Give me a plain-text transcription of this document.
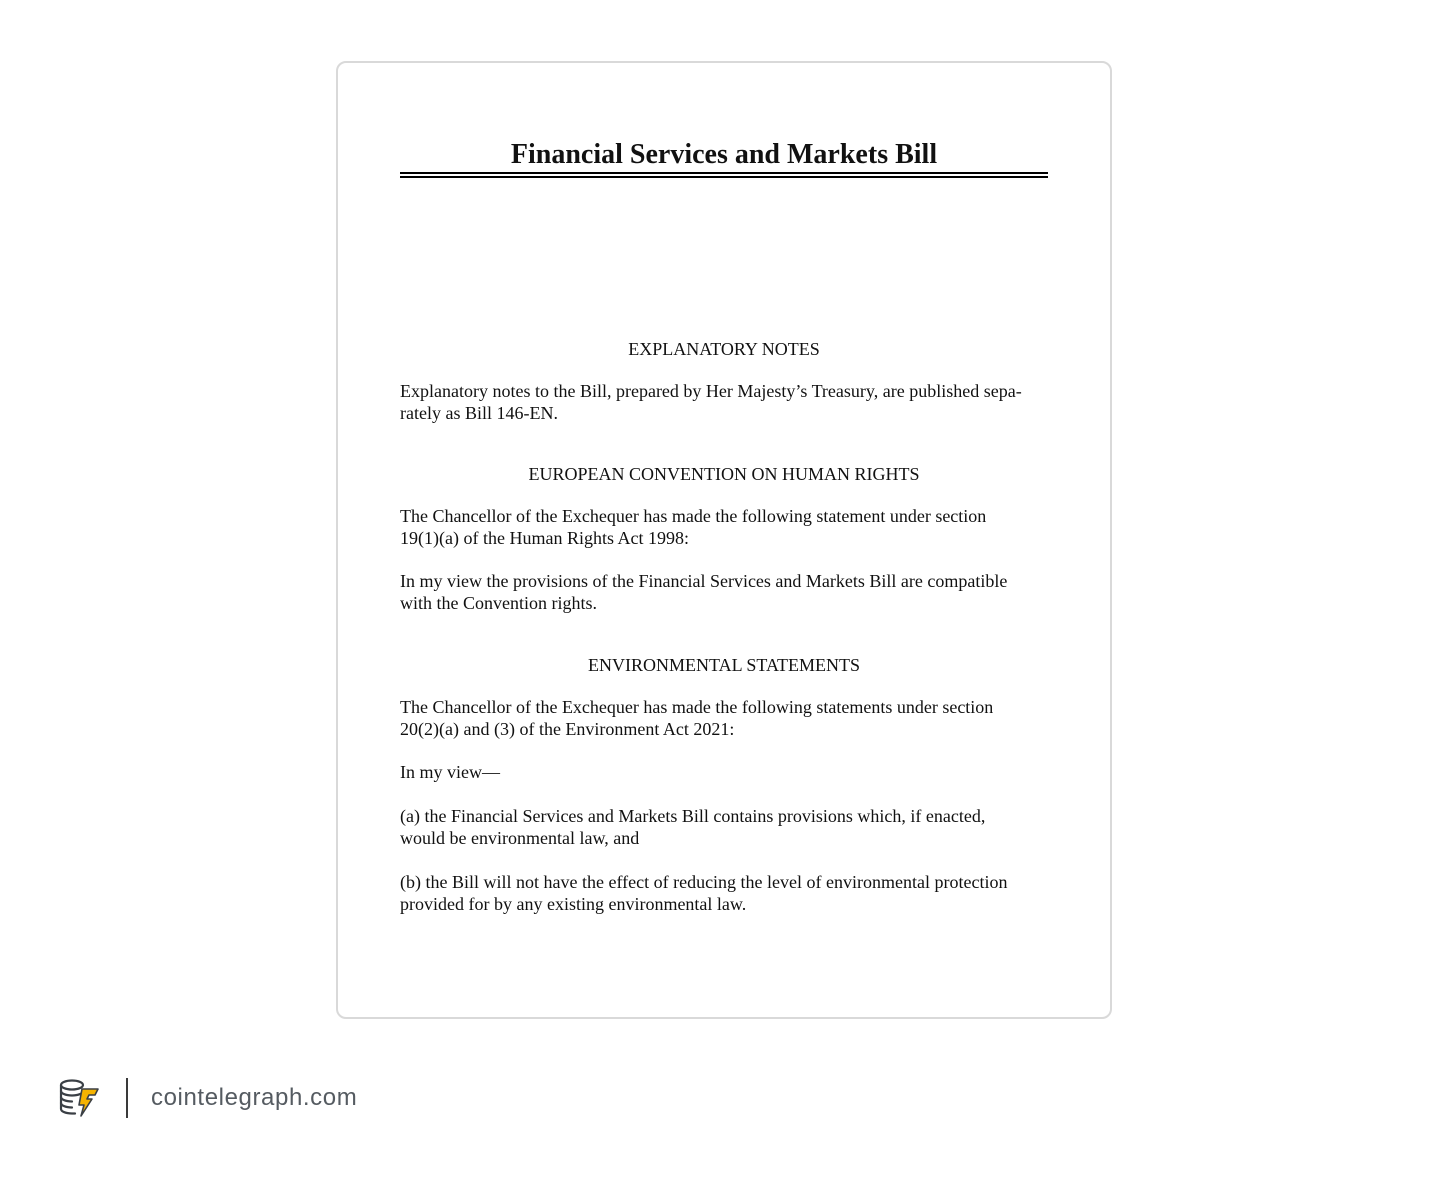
Financial Services and Markets Bill
EXPLANATORY NOTES

Explanatory notes to the Bill, prepared by Her Majesty’s Treasury, are published sepa-
rately as Bill 146-EN.

EUROPEAN CONVENTION ON HUMAN RIGHTS

The Chancellor of the Exchequer has made the following statement under section
19(1)(a) of the Human Rights Act 1998:

In my view the provisions of the Financial Services and Markets Bill are compatible
with the Convention rights.

ENVIRONMENTAL STATEMENTS

The Chancellor of the Exchequer has made the following statements under section
20(2)(a) and (3) of the Environment Act 2021:

In my view—

(a) the Financial Services and Markets Bill contains provisions which, if enacted,
would be environmental law, and

(b) the Bill will not have the effect of reducing the level of environmental protection
provided for by any existing environmental law.

cointelegraph.com
